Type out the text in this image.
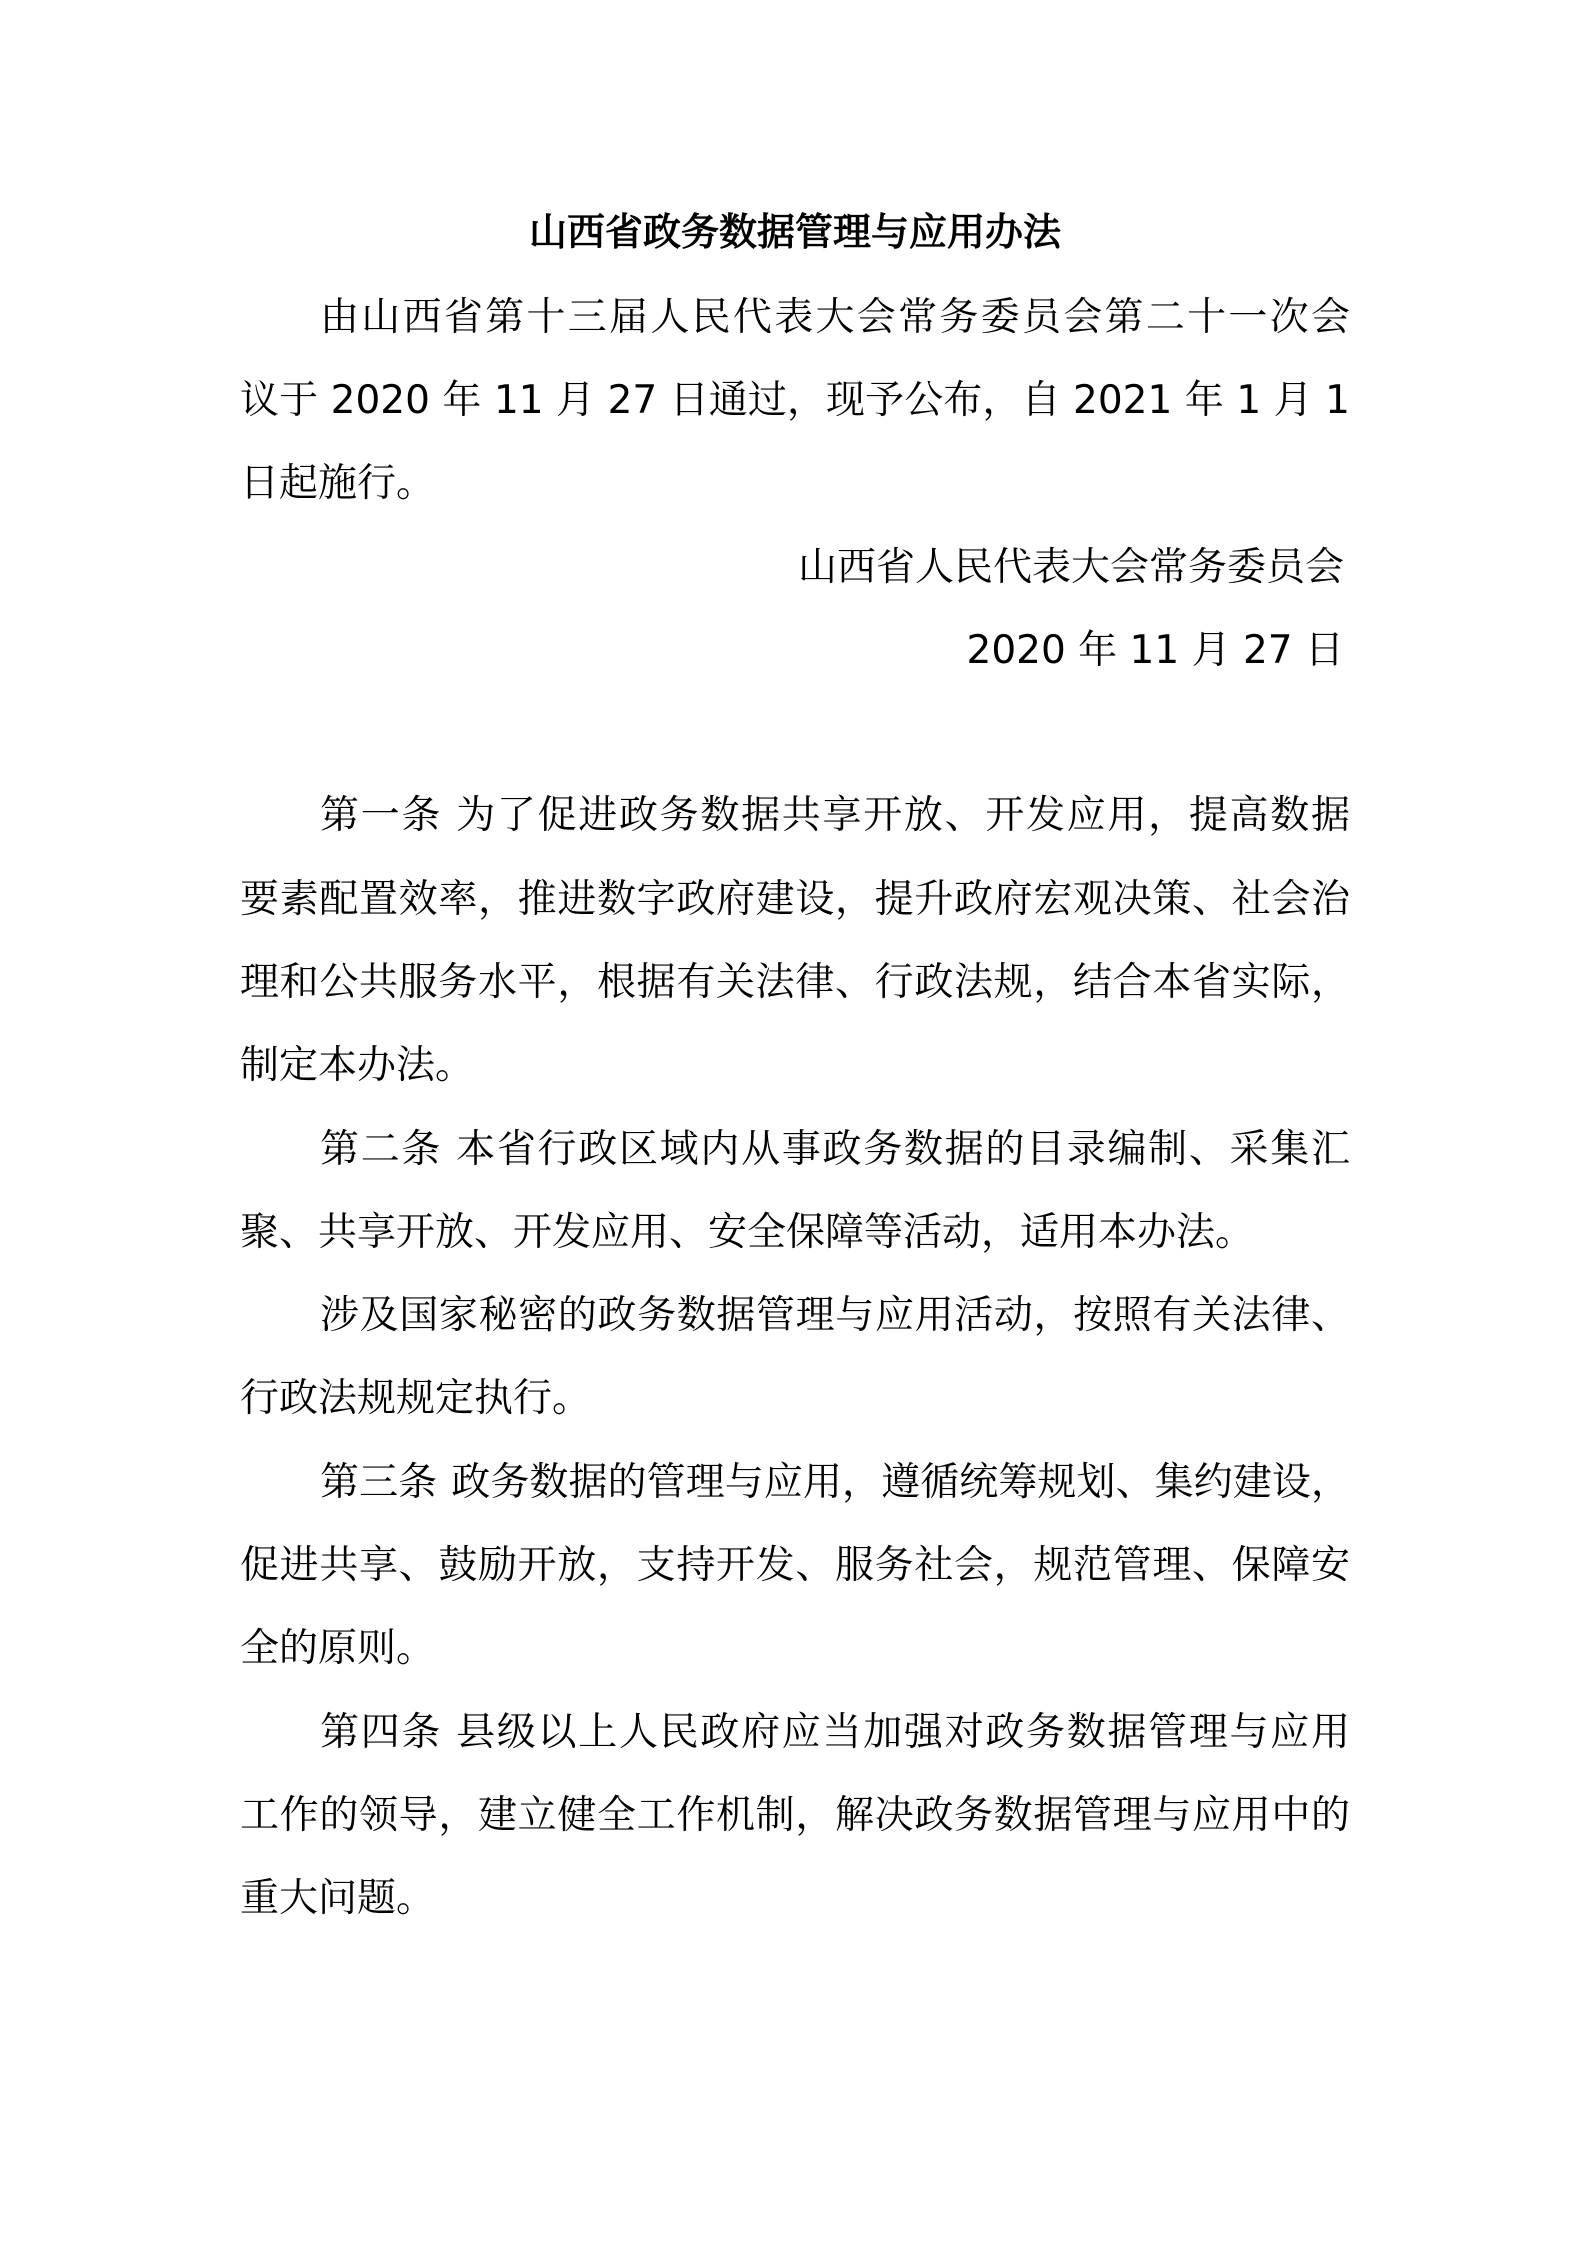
山西省政务数据管理与应用办法
由山西省第十三届人民代表大会常务委员会第二十一次会
议于 2020 年 11 月 27 日通过，现予公布，自 2021 年 1 月 1
日起施行。
山西省人民代表大会常务委员会
2020 年 11 月 27 日
第一条 为了促进政务数据共享开放、开发应用，提高数据
要素配置效率，推进数字政府建设，提升政府宏观决策、社会治
理和公共服务水平，根据有关法律、行政法规，结合本省实际，
制定本办法。
第二条 本省行政区域内从事政务数据的目录编制、采集汇
聚、共享开放、开发应用、安全保障等活动，适用本办法。
涉及国家秘密的政务数据管理与应用活动，按照有关法律、
行政法规规定执行。
第三条 政务数据的管理与应用，遵循统筹规划、集约建设，
促进共享、鼓励开放，支持开发、服务社会，规范管理、保障安
全的原则。
第四条 县级以上人民政府应当加强对政务数据管理与应用
工作的领导，建立健全工作机制，解决政务数据管理与应用中的
重大问题。
